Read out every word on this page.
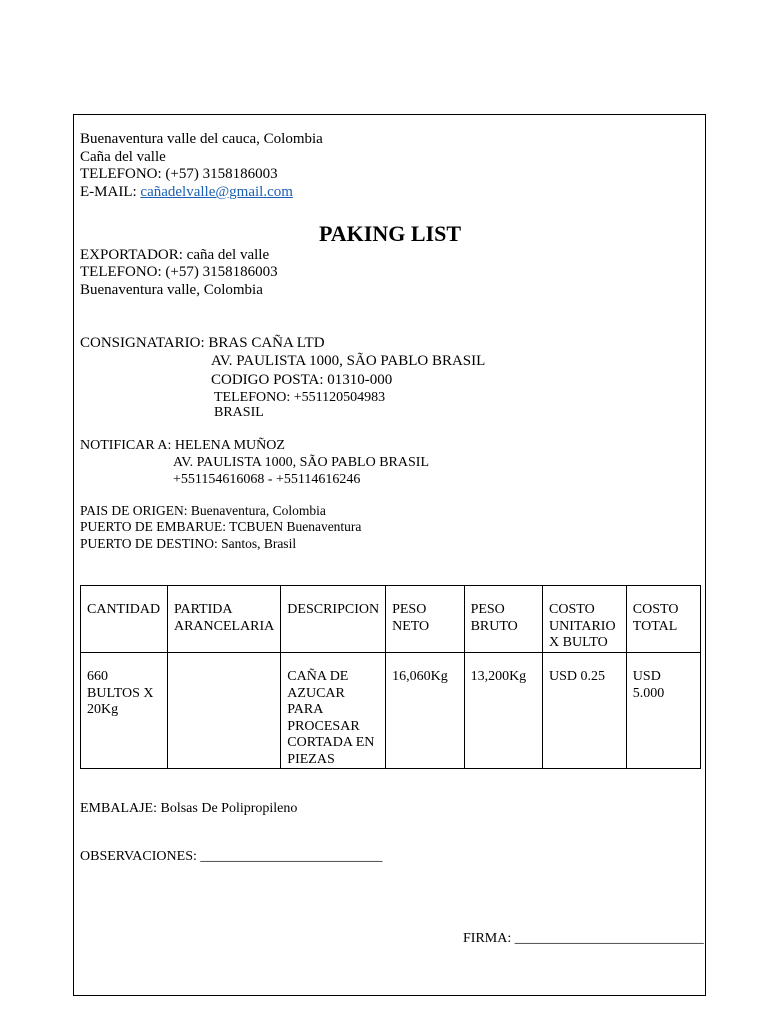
Buenaventura valle del cauca, Colombia
Caña del valle
TELEFONO: (+57) 3158186003
E-MAIL: cañadelvalle@gmail.com
PAKING LIST
EXPORTADOR: caña del valle
TELEFONO: (+57) 3158186003
Buenaventura valle, Colombia
CONSIGNATARIO: BRAS CAÑA LTD
AV. PAULISTA 1000, SÃO PABLO BRASIL
CODIGO POSTA: 01310-000
TELEFONO: +551120504983
BRASIL
NOTIFICAR A: HELENA MUÑOZ
AV. PAULISTA 1000, SÃO PABLO BRASIL
+551154616068 - +55114616246
PAIS DE ORIGEN: Buenaventura, Colombia
PUERTO DE EMBARUE: TCBUEN Buenaventura
PUERTO DE DESTINO: Santos, Brasil
CANTIDAD	PARTIDA ARANCELARIA	DESCRIPCION	PESO NETO	PESO BRUTO	COSTO UNITARIO X BULTO	COSTO TOTAL
660 BULTOS X 20Kg		CAÑA DE AZUCAR PARA PROCESAR CORTADA EN PIEZAS	16,060Kg	13,200Kg	USD 0.25	USD 5.000
EMBALAJE: Bolsas De Polipropileno
OBSERVACIONES: __________________________
FIRMA: ___________________________
